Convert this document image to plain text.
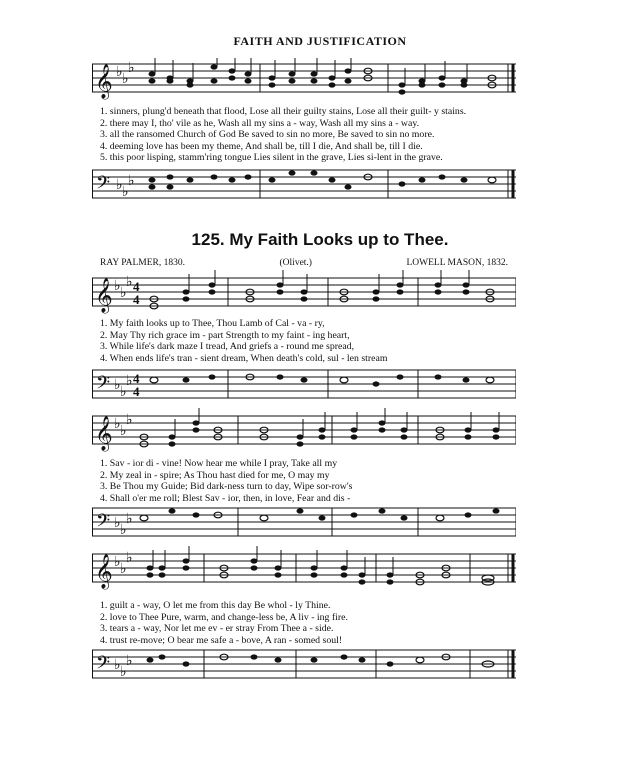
FAITH AND JUSTIFICATION
𝄞 ♭ ♭
♭
1. sinners, plung'd beneath that flood, Lose all their guilty stains, Lose all their guilt- y stains.
2. there may I, tho' vile as he, Wash all my sins a - way, Wash all my sins a - way.
3. all the ransomed Church of God Be saved to sin no more, Be saved to sin no more.
4. deeming love has been my theme, And shall be, till I die, And shall be, till I die.
5. this poor lisping, stamm'ring tongue Lies silent in the grave, Lies si-lent in the grave.
𝄢 ♭ ♭
♭
125. My Faith Looks up to Thee.
RAY PALMER, 1830.	(Olivet.)	LOWELL MASON, 1832.
𝄞 ♭ ♭
♭ 4
4
1. My faith looks up to Thee, Thou Lamb of Cal - va - ry,
2. May Thy rich grace im - part Strength to my faint - ing heart,
3. While life's dark maze I tread, And griefs a - round me spread,
4. When ends life's tran - sient dream, When death's cold, sul - len stream
𝄢 ♭ ♭
♭ 4
4
𝄞 ♭ ♭
♭
1. Sav - ior di - vine! Now hear me while I pray, Take all my
2. My zeal in - spire; As Thou hast died for me, O may my
3. Be Thou my Guide; Bid dark-ness turn to day, Wipe sor-row's
4. Shall o'er me roll; Blest Sav - ior, then, in love, Fear and dis -
𝄢 ♭ ♭
♭
𝄞 ♭ ♭
♭
1. guilt a - way, O let me from this day Be whol - ly Thine.
2. love to Thee Pure, warm, and change-less be, A liv - ing fire.
3. tears a - way, Nor let me ev - er stray From Thee a - side.
4. trust re-move; O bear me safe a - bove, A ran - somed soul!
𝄢 ♭ ♭
♭
